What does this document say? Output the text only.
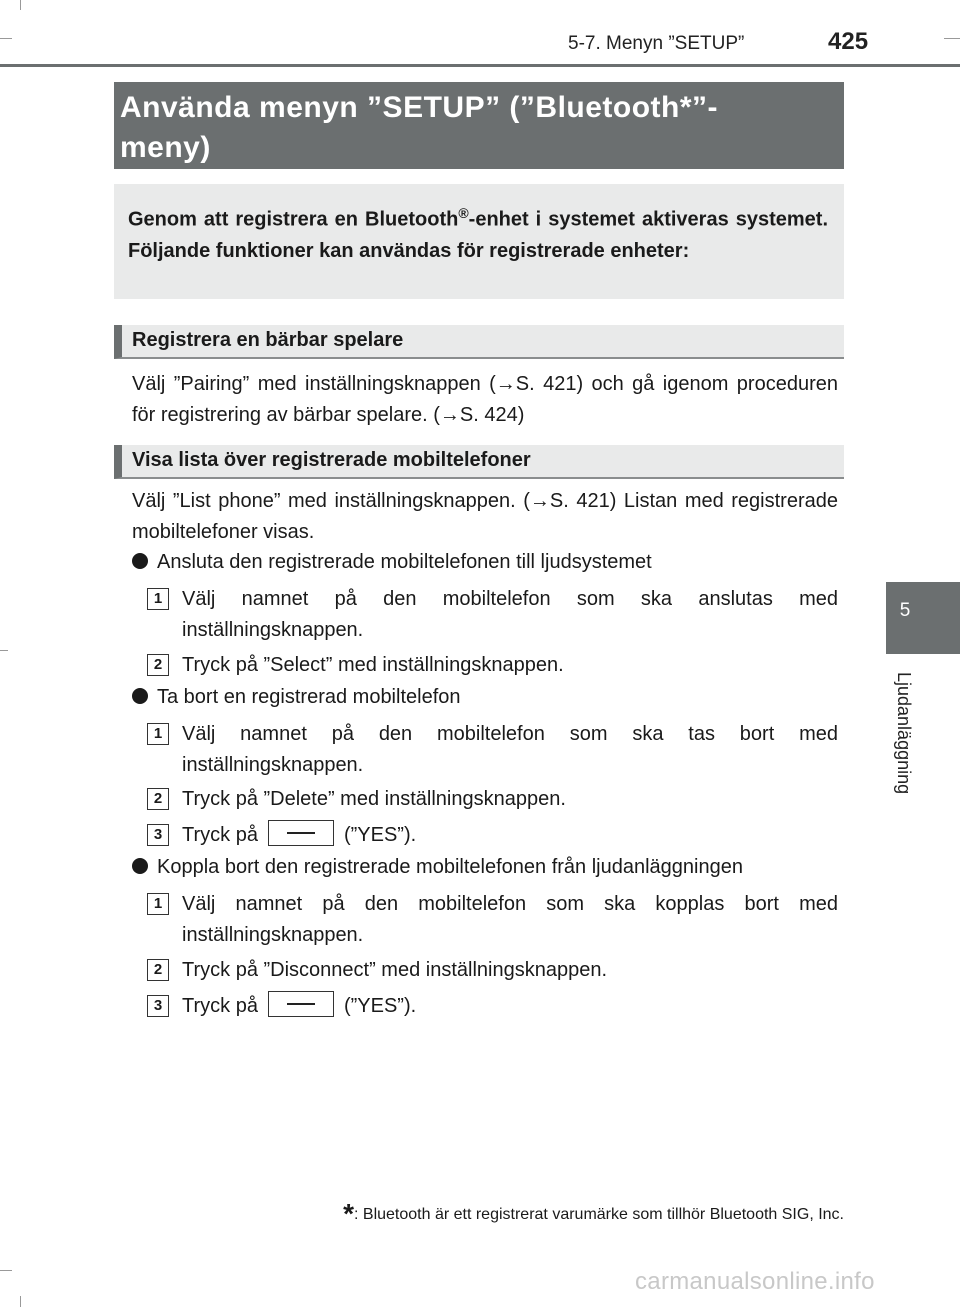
5-7. Menyn ”SETUP”	425
5
Ljudanläggning
Använda menyn ”SETUP” (”Bluetooth*”-
meny)
Genom att registrera en Bluetooth®-enhet i systemet aktiveras systemet. Följande funktioner kan användas för registrerade enheter:
Registrera en bärbar spelare
Välj ”Pairing” med inställningsknappen (→S. 421) och gå igenom proceduren för registrering av bärbar spelare. (→S. 424)
Visa lista över registrerade mobiltelefoner
Välj ”List phone” med inställningsknappen. (→S. 421) Listan med registrerade mobiltelefoner visas.
Ansluta den registrerade mobiltelefonen till ljudsystemet
1 Välj namnet på den mobiltelefon som ska anslutas med inställningsknappen.
2 Tryck på ”Select” med inställningsknappen.
Ta bort en registrerad mobiltelefon
1 Välj namnet på den mobiltelefon som ska tas bort med inställningsknappen.
2 Tryck på ”Delete” med inställningsknappen.
3 Tryck på	(”YES”).
Koppla bort den registrerade mobiltelefonen från ljudanläggningen
1 Välj namnet på den mobiltelefon som ska kopplas bort med inställningsknappen.
2 Tryck på ”Disconnect” med inställningsknappen.
3 Tryck på	(”YES”).
*: Bluetooth är ett registrerat varumärke som tillhör Bluetooth SIG, Inc.
carmanualsonline.info
